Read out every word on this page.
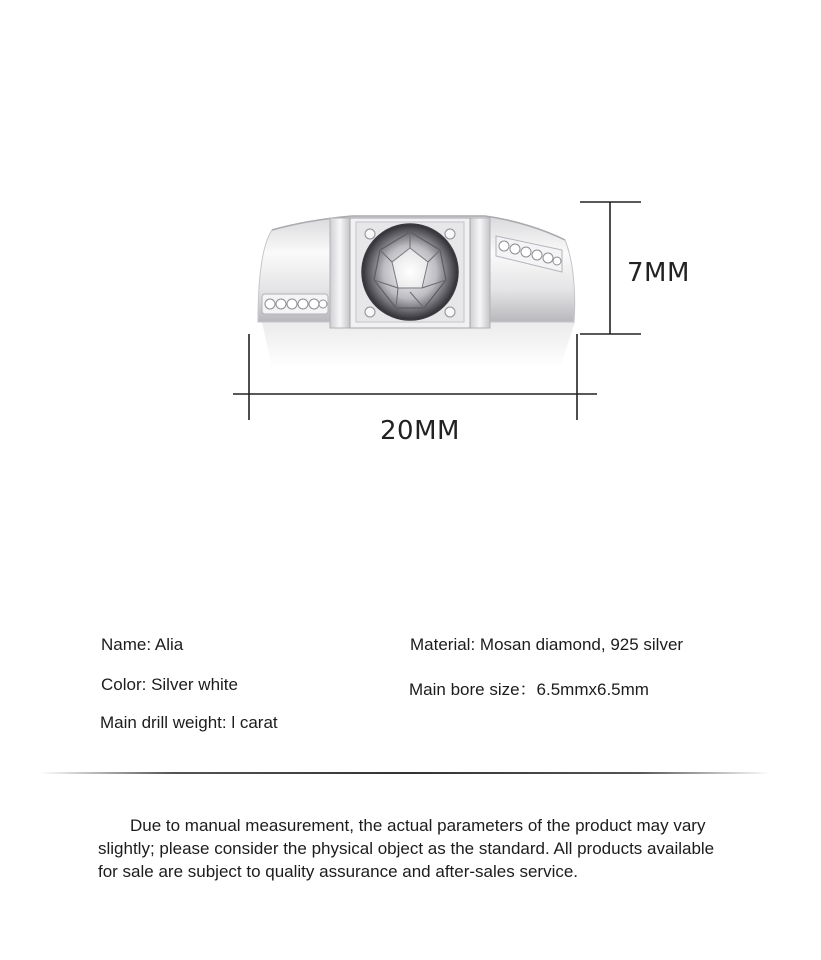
7MM
20MM
Name: Alia	Material: Mosan diamond, 925 silver
Color: Silver white	Main bore size：6.5mmx6.5mm
Main drill weight: l carat
Due to manual measurement, the actual parameters of the product may vary slightly; please consider the physical object as the standard. All products available for sale are subject to quality assurance and after-sales service.
